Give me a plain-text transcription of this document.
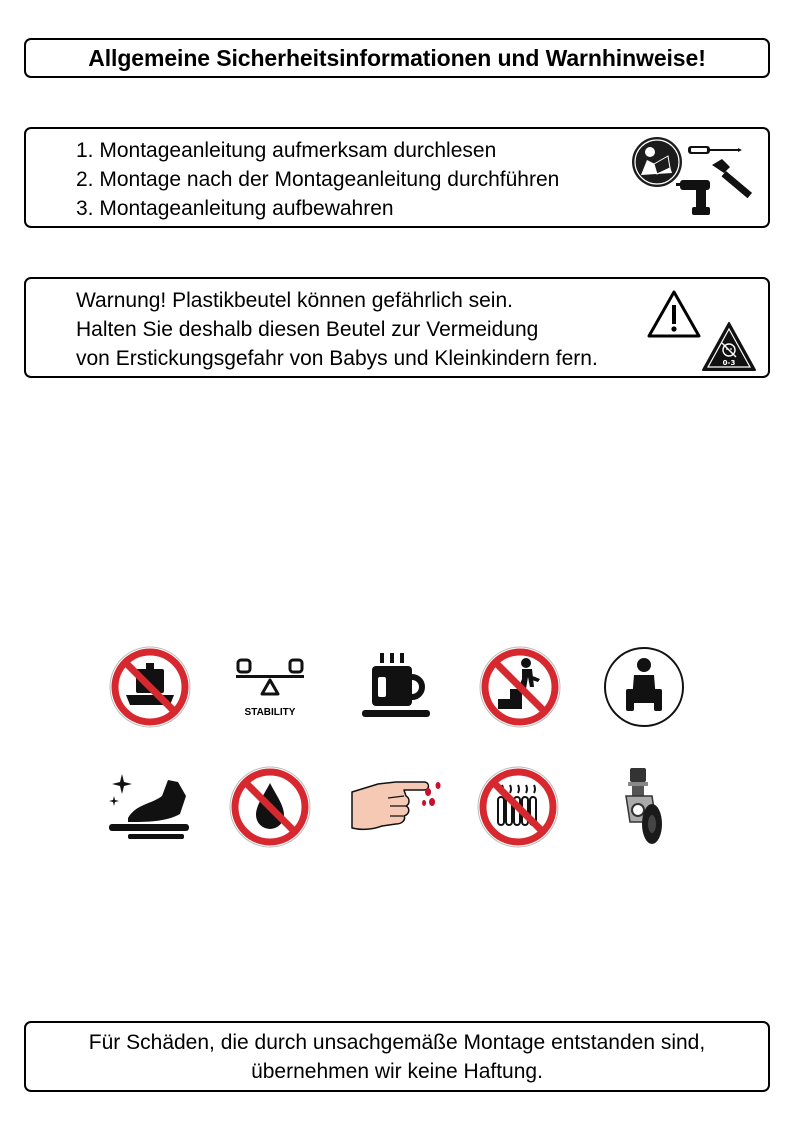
Allgemeine Sicherheitsinformationen und Warnhinweise!
1. Montageanleitung aufmerksam durchlesen
2. Montage nach der Montageanleitung durchführen
3. Montageanleitung aufbewahren
Warnung! Plastikbeutel können gefährlich sein.
Halten Sie deshalb diesen Beutel zur Vermeidung
von Erstickungsgefahr von Babys und Kleinkindern fern.	0-3
STABILITY
Für Schäden, die durch unsachgemäße Montage entstanden sind,
übernehmen wir keine Haftung.
